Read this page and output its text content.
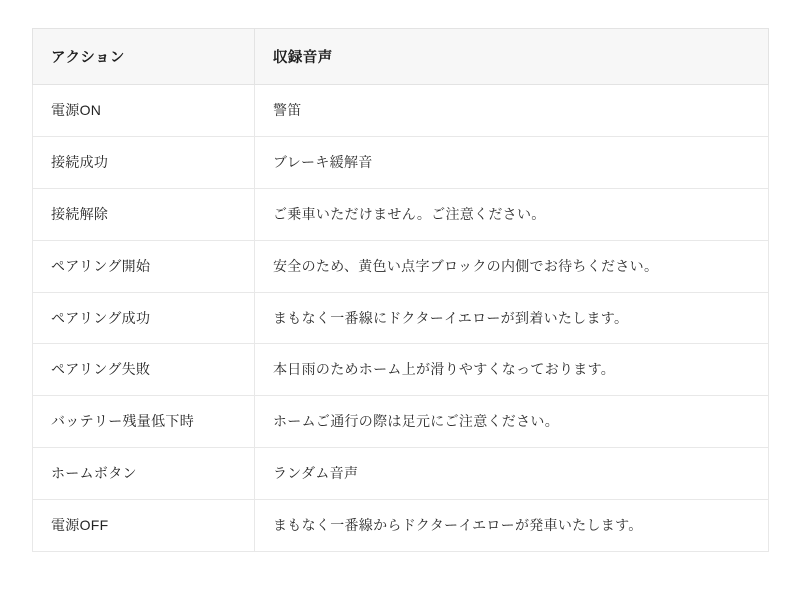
アクション	収録音声
電源ON	警笛
接続成功	ブレーキ緩解音
接続解除	ご乗車いただけません。ご注意ください。
ペアリング開始	安全のため、黄色い点字ブロックの内側でお待ちください。
ペアリング成功	まもなく一番線にドクターイエローが到着いたします。
ペアリング失敗	本日雨のためホーム上が滑りやすくなっております。
バッテリー残量低下時	ホームご通行の際は足元にご注意ください。
ホームボタン	ランダム音声
電源OFF	まもなく一番線からドクターイエローが発車いたします。
